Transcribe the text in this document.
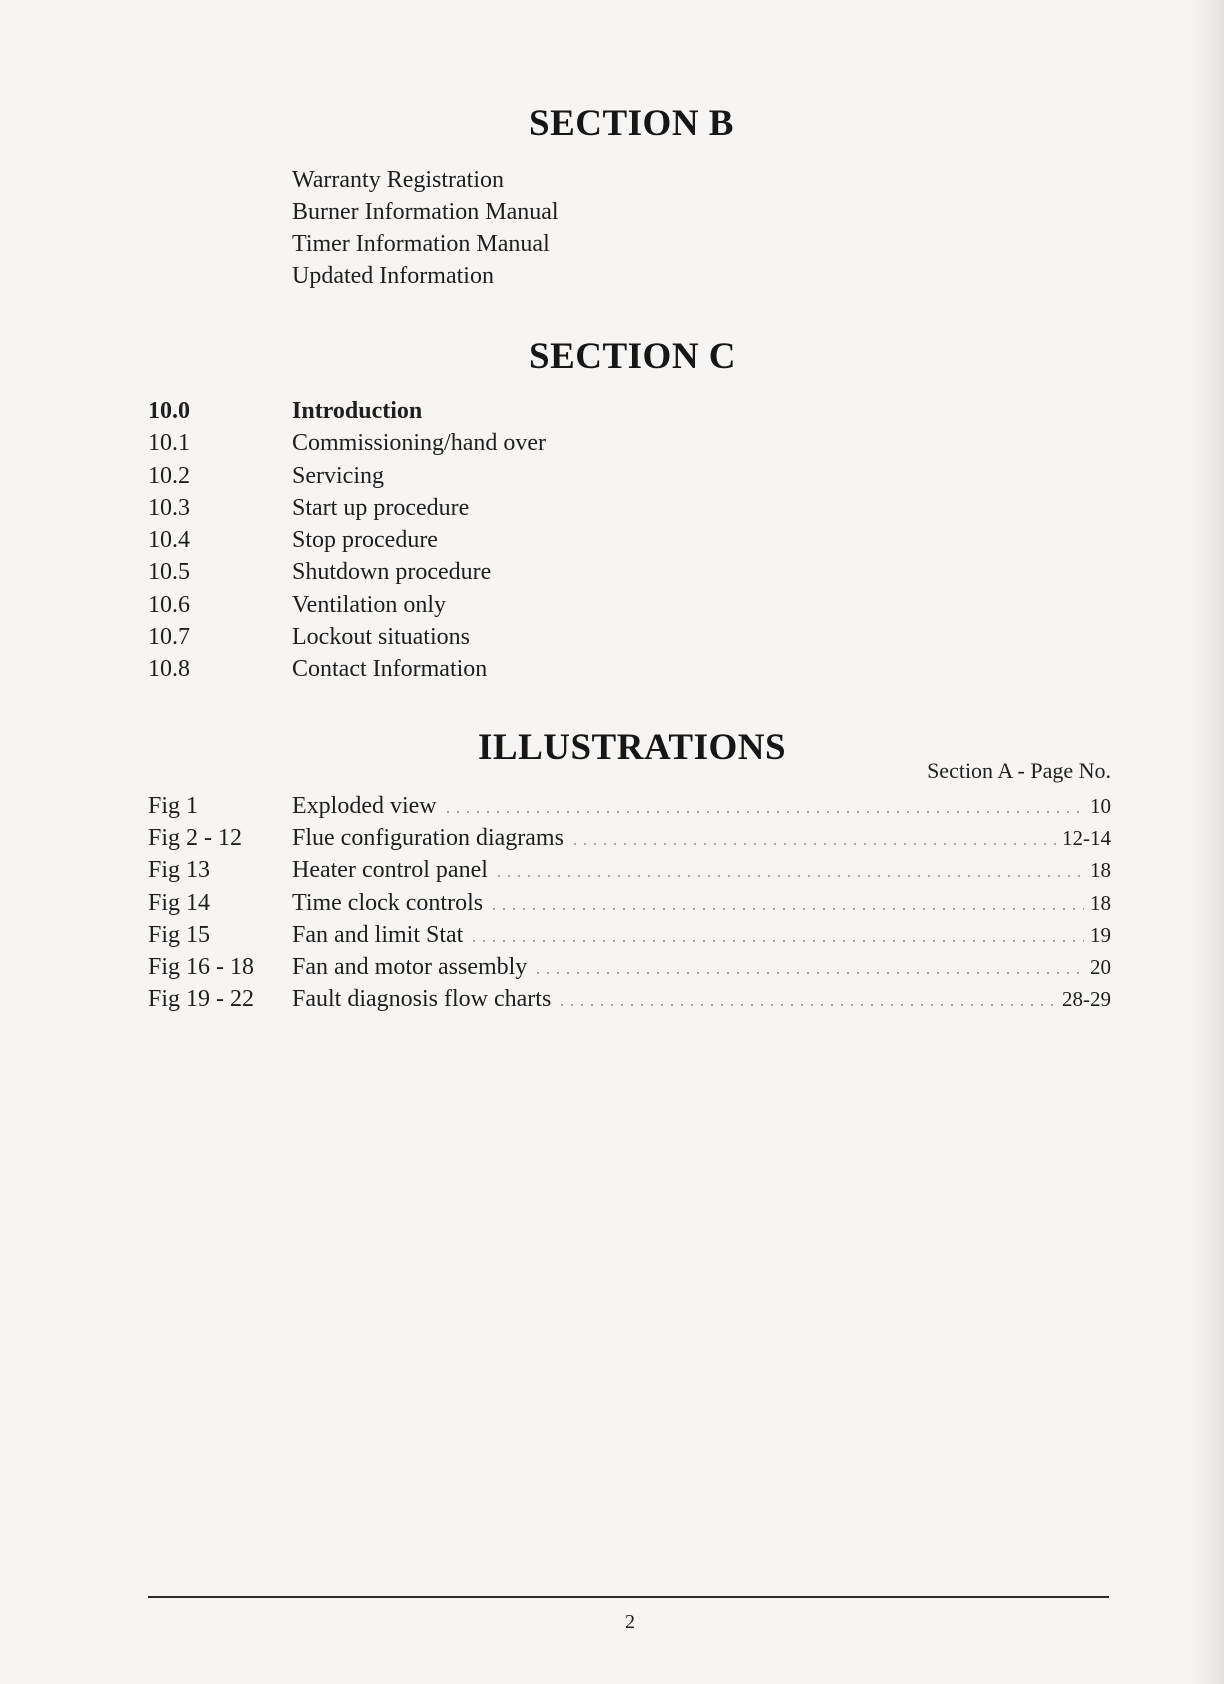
SECTION B
Warranty Registration
Burner Information Manual
Timer Information Manual
Updated Information
SECTION C
10.0	Introduction
10.1	Commissioning/hand over
10.2	Servicing
10.3	Start up procedure
10.4	Stop procedure
10.5	Shutdown procedure
10.6	Ventilation only
10.7	Lockout situations
10.8	Contact Information
ILLUSTRATIONS
Section A - Page No.
Fig 1	Exploded view	10
Fig 2 - 12 Flue configuration diagrams	12-14
Fig 13	Heater control panel	18
Fig 14	Time clock controls	18
Fig 15	Fan and limit Stat	19
Fig 16 - 18 Fan and motor assembly	20
Fig 19 - 22 Fault diagnosis flow charts	28-29
2
